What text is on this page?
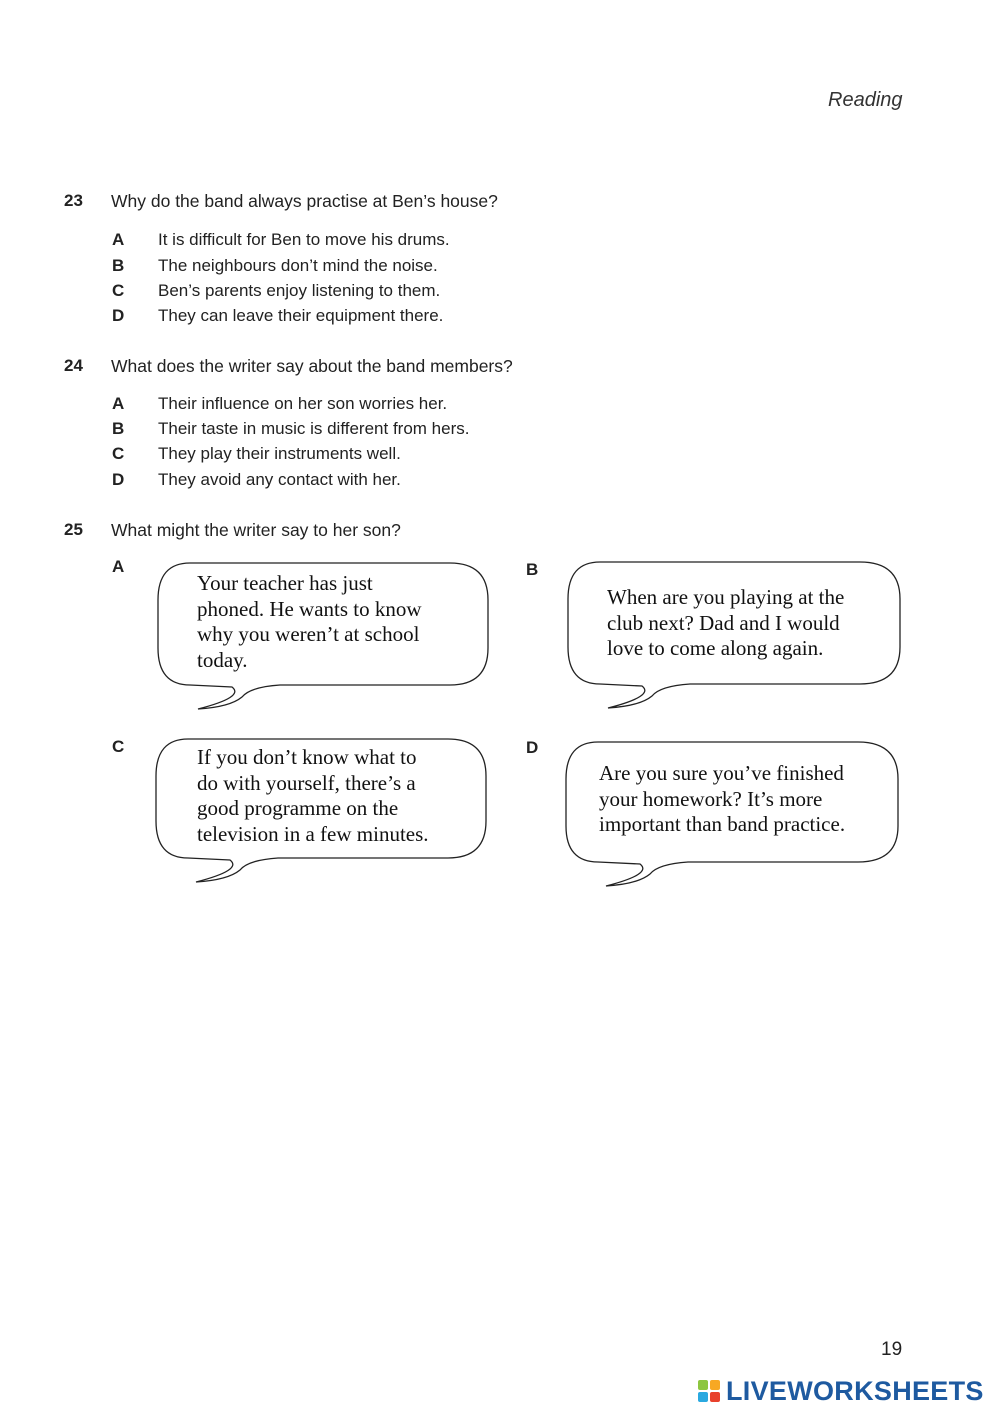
Reading
23 Why do the band always practise at Ben’s house?
A It is difficult for Ben to move his drums.
B The neighbours don’t mind the noise.
C Ben’s parents enjoy listening to them.
D They can leave their equipment there.
24 What does the writer say about the band members?
A Their influence on her son worries her.
B Their taste in music is different from hers.
C They play their instruments well.
D They avoid any contact with her.
25 What might the writer say to her son?
A
Your teacher has just
phoned. He wants to know
why you weren’t at school
today.
B
When are you playing at the
club next? Dad and I would
love to come along again.
C	If you don’t know what to
do with yourself, there’s a
good programme on the
television in a few minutes.
D
Are you sure you’ve finished
your homework? It’s more
important than band practice.
19
LIVEWORKSHEETS
